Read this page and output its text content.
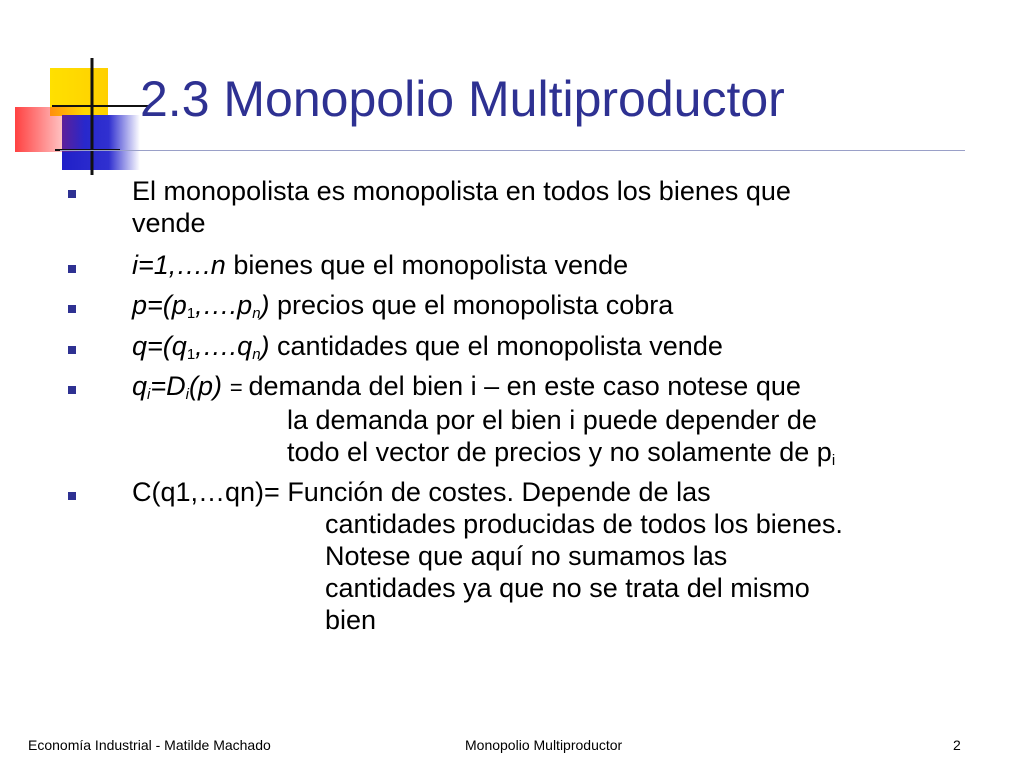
2.3 Monopolio Multiproductor
El monopolista es monopolista en todos los bienes que
vende
i=1,….n bienes que el monopolista vende
$p=(p_1,\dots.p_n)$ precios que el monopolista cobra
$q=(q_1,\dots.q_n)$ cantidades que el monopolista vende
$q_i=D_i(p)$ = demanda del bien i – en este caso notese que
la demanda por el bien i puede depender de
todo el vector de precios y no solamente de $p_i$
C(q1,…qn)= Función de costes. Depende de las
cantidades producidas de todos los bienes.
Notese que aquí no sumamos las
cantidades ya que no se trata del mismo
bien
Economía Industrial - Matilde Machado	Monopolio Multiproductor	2
